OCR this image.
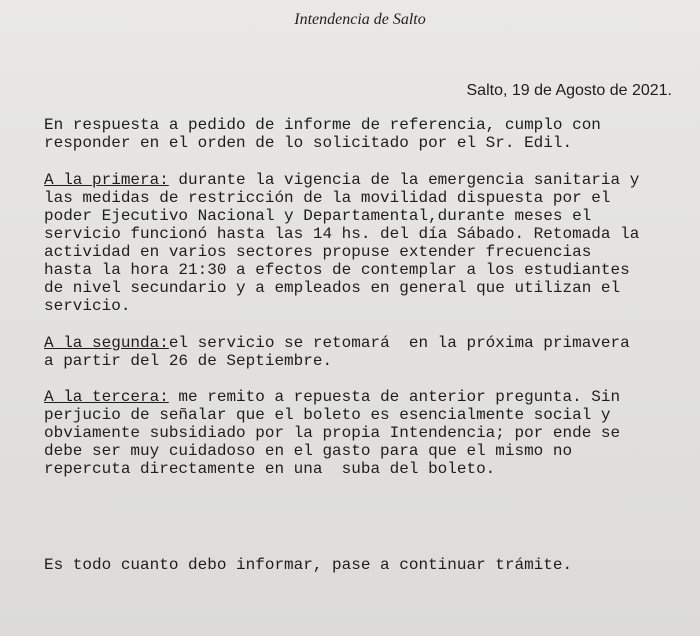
Intendencia de Salto
Salto, 19 de Agosto de 2021.
En respuesta a pedido de informe de referencia, cumplo con
responder en el orden de lo solicitado por el Sr. Edil.
A la primera: durante la vigencia de la emergencia sanitaria y
las medidas de restricción de la movilidad dispuesta por el
poder Ejecutivo Nacional y Departamental,durante meses el
servicio funcionó hasta las 14 hs. del día Sábado. Retomada la
actividad en varios sectores propuse extender frecuencias
hasta la hora 21:30 a efectos de contemplar a los estudiantes
de nivel secundario y a empleados en general que utilizan el
servicio.
A la segunda:el servicio se retomará  en la próxima primavera
a partir del 26 de Septiembre.
A la tercera: me remito a repuesta de anterior pregunta. Sin
perjucio de señalar que el boleto es esencialmente social y
obviamente subsidiado por la propia Intendencia; por ende se
debe ser muy cuidadoso en el gasto para que el mismo no
repercuta directamente en una  suba del boleto.
Es todo cuanto debo informar, pase a continuar trámite.
